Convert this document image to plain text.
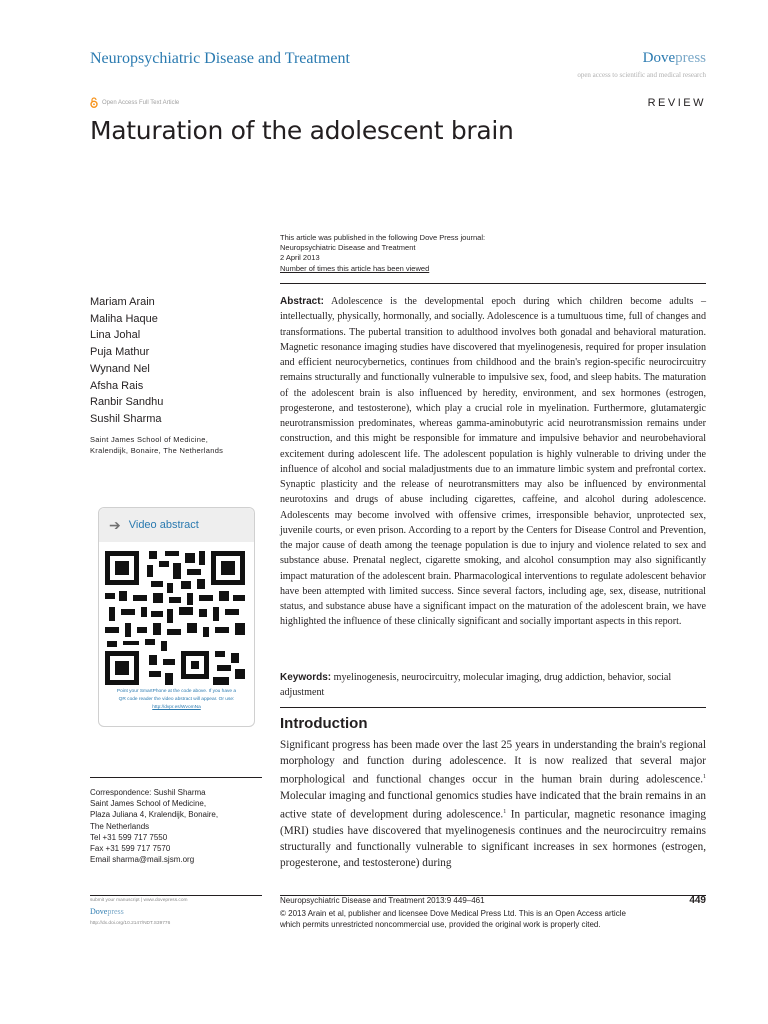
Neuropsychiatric Disease and Treatment	Dovepress
open access to scientific and medical research
Open Access Full Text Article	REVIEW
Maturation of the adolescent brain
This article was published in the following Dove Press journal:
Neuropsychiatric Disease and Treatment
2 April 2013
Number of times this article has been viewed
Mariam Arain
Maliha Haque
Lina Johal
Puja Mathur
Wynand Nel
Afsha Rais
Ranbir Sandhu
Sushil Sharma
Saint James School of Medicine,
Kralendijk, Bonaire, The Netherlands
➔ Video abstract
Point your SmartPhone at the code above. If you have a
QR code reader the video abstract will appear. Or use:
http://dvpr.es/WvomNa
Abstract: Adolescence is the developmental epoch during which children become adults – intellectually, physically, hormonally, and socially. Adolescence is a tumultuous time, full of changes and transformations. The pubertal transition to adulthood involves both gonadal and behavioral maturation. Magnetic resonance imaging studies have discovered that myelinogenesis, required for proper insulation and efficient neurocybernetics, continues from childhood and the brain's region-specific neurocircuitry remains structurally and functionally vulnerable to impulsive sex, food, and sleep habits. The maturation of the adolescent brain is also influenced by heredity, environment, and sex hormones (estrogen, progesterone, and testosterone), which play a crucial role in myelination. Furthermore, glutamatergic neurotransmission predominates, whereas gamma-aminobutyric acid neurotransmission remains under construction, and this might be responsible for immature and impulsive behavior and neurobehavioral excitement during adolescent life. The adolescent population is highly vulnerable to driving under the influence of alcohol and social maladjustments due to an immature limbic system and prefrontal cortex. Synaptic plasticity and the release of neurotransmitters may also be influenced by environmental neurotoxins and drugs of abuse including cigarettes, caffeine, and alcohol during adolescence. Adolescents may become involved with offensive crimes, irresponsible behavior, unprotected sex, juvenile courts, or even prison. According to a report by the Centers for Disease Control and Prevention, the major cause of death among the teenage population is due to injury and violence related to sex and substance abuse. Prenatal neglect, cigarette smoking, and alcohol consumption may also significantly impact maturation of the adolescent brain. Pharmacological interventions to regulate adolescent behavior have been attempted with limited success. Since several factors, including age, sex, disease, nutritional status, and substance abuse have a significant impact on the maturation of the adolescent brain, we have highlighted the influence of these clinically significant and socially important aspects in this report.
Keywords: myelinogenesis, neurocircuitry, molecular imaging, drug addiction, behavior, social adjustment
Introduction
Significant progress has been made over the last 25 years in understanding the brain's regional morphology and function during adolescence. It is now realized that several major morphological and functional changes occur in the human brain during adolescence.$^1$ Molecular imaging and functional genomics studies have indicated that the brain remains in an active state of development during adolescence.$^1$ In particular, magnetic resonance imaging (MRI) studies have discovered that myelinogenesis continues and the neurocircuitry remains structurally and functionally vulnerable to significant increases in sex hormones (estrogen, progesterone, and testosterone) during
Correspondence: Sushil Sharma
Saint James School of Medicine,
Plaza Juliana 4, Kralendijk, Bonaire,
The Netherlands
Tel +31 599 717 7550
Fax +31 599 717 7570
Email sharma@mail.sjsm.org
submit your manuscript | www.dovepress.com
Dovepress
http://dx.doi.org/10.2147/NDT.S39776
Neuropsychiatric Disease and Treatment 2013:9 449–461	449
© 2013 Arain et al, publisher and licensee Dove Medical Press Ltd. This is an Open Access article
which permits unrestricted noncommercial use, provided the original work is properly cited.
